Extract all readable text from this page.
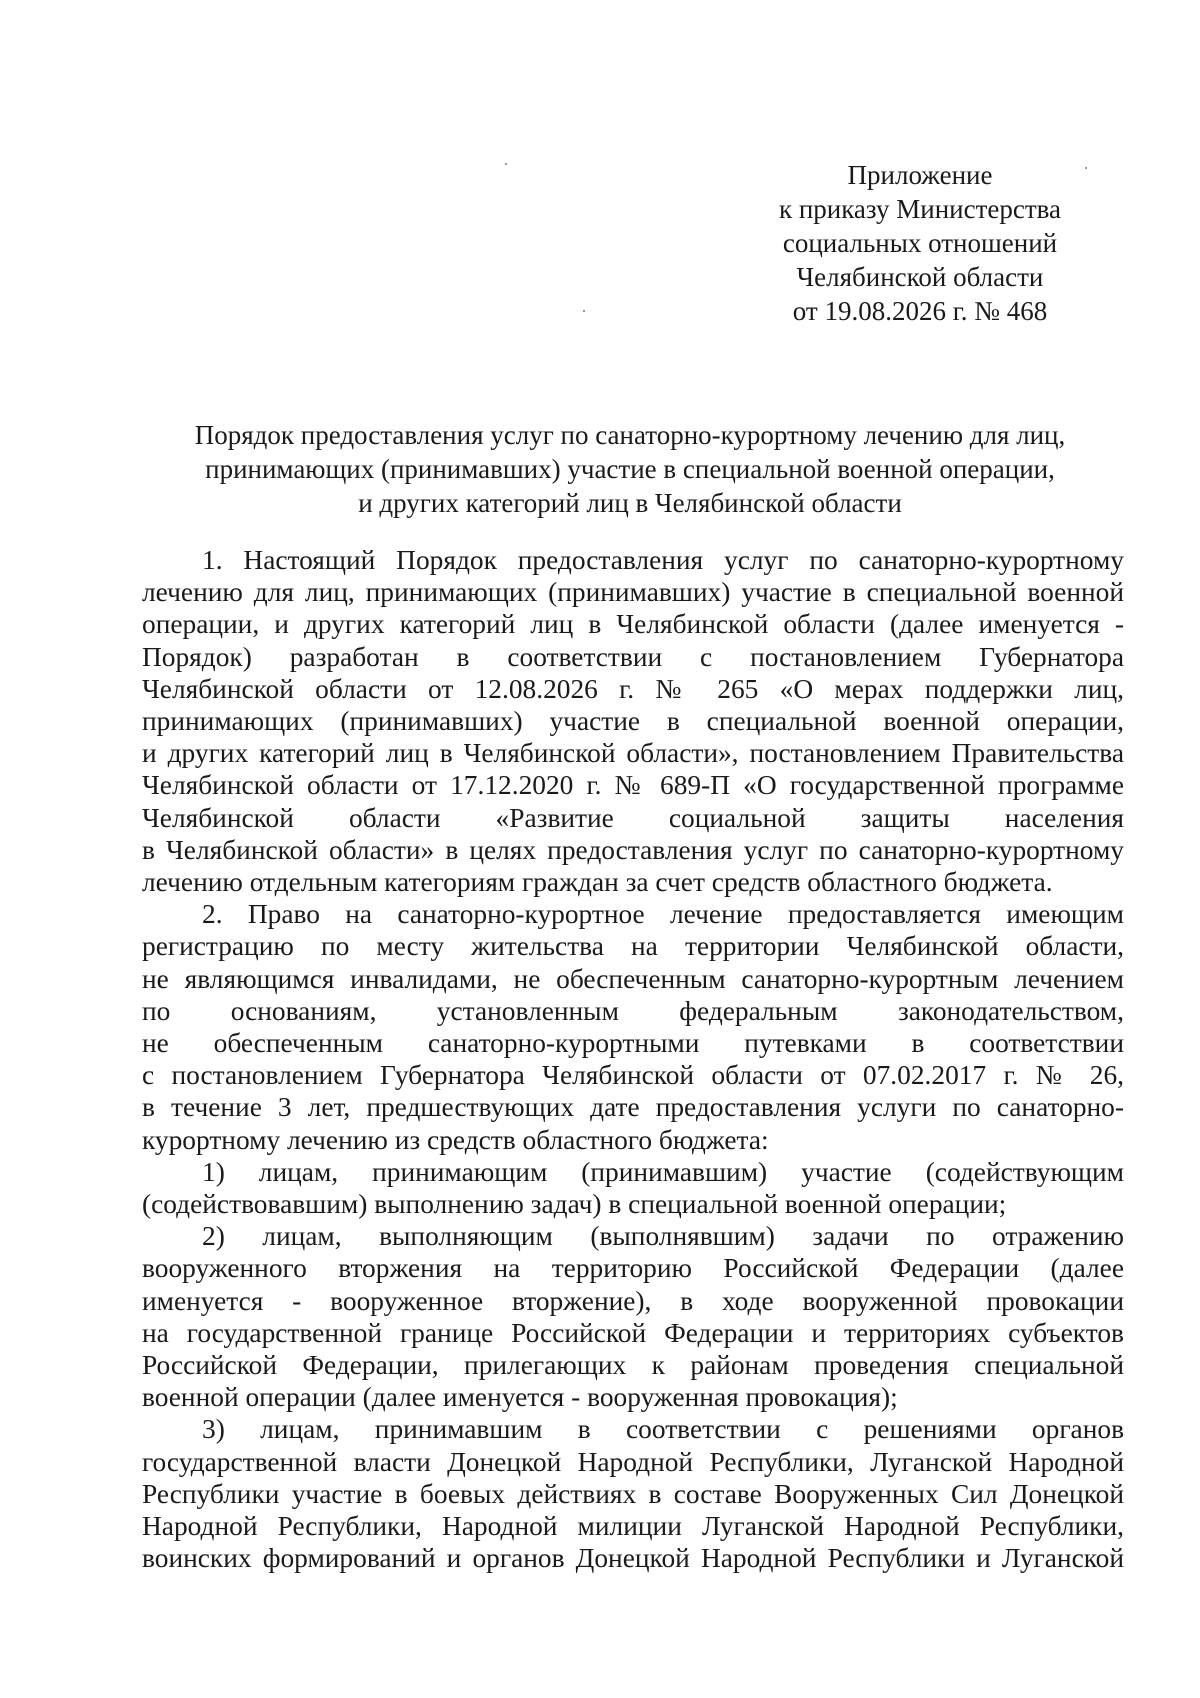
Приложение
к приказу Министерства
социальных отношений
Челябинской области
от 19.08.2026 г. № 468
Порядок предоставления услуг по санаторно-курортному лечению для лиц,
принимающих (принимавших) участие в специальной военной операции,
и других категорий лиц в Челябинской области
1. Настоящий Порядок предоставления услуг по санаторно-курортному
лечению для лиц, принимающих (принимавших) участие в специальной военной
операции, и других категорий лиц в Челябинской области (далее именуется -
Порядок) разработан в соответствии с постановлением Губернатора
Челябинской области от 12.08.2026 г. № 265 «О мерах поддержки лиц,
принимающих (принимавших) участие в специальной военной операции,
и других категорий лиц в Челябинской области», постановлением Правительства
Челябинской области от 17.12.2020 г. № 689-П «О государственной программе
Челябинской области «Развитие социальной защиты населения
в Челябинской области» в целях предоставления услуг по санаторно-курортному
лечению отдельным категориям граждан за счет средств областного бюджета.
2. Право на санаторно-курортное лечение предоставляется имеющим
регистрацию по месту жительства на территории Челябинской области,
не являющимся инвалидами, не обеспеченным санаторно-курортным лечением
по основаниям, установленным федеральным законодательством,
не обеспеченным санаторно-курортными путевками в соответствии
с постановлением Губернатора Челябинской области от 07.02.2017 г. № 26,
в течение 3 лет, предшествующих дате предоставления услуги по санаторно-
курортному лечению из средств областного бюджета:
1) лицам, принимающим (принимавшим) участие (содействующим
(содействовавшим) выполнению задач) в специальной военной операции;
2) лицам, выполняющим (выполнявшим) задачи по отражению
вооруженного вторжения на территорию Российской Федерации (далее
именуется - вооруженное вторжение), в ходе вооруженной провокации
на государственной границе Российской Федерации и территориях субъектов
Российской Федерации, прилегающих к районам проведения специальной
военной операции (далее именуется - вооруженная провокация);
3) лицам, принимавшим в соответствии с решениями органов
государственной власти Донецкой Народной Республики, Луганской Народной
Республики участие в боевых действиях в составе Вооруженных Сил Донецкой
Народной Республики, Народной милиции Луганской Народной Республики,
воинских формирований и органов Донецкой Народной Республики и Луганской
